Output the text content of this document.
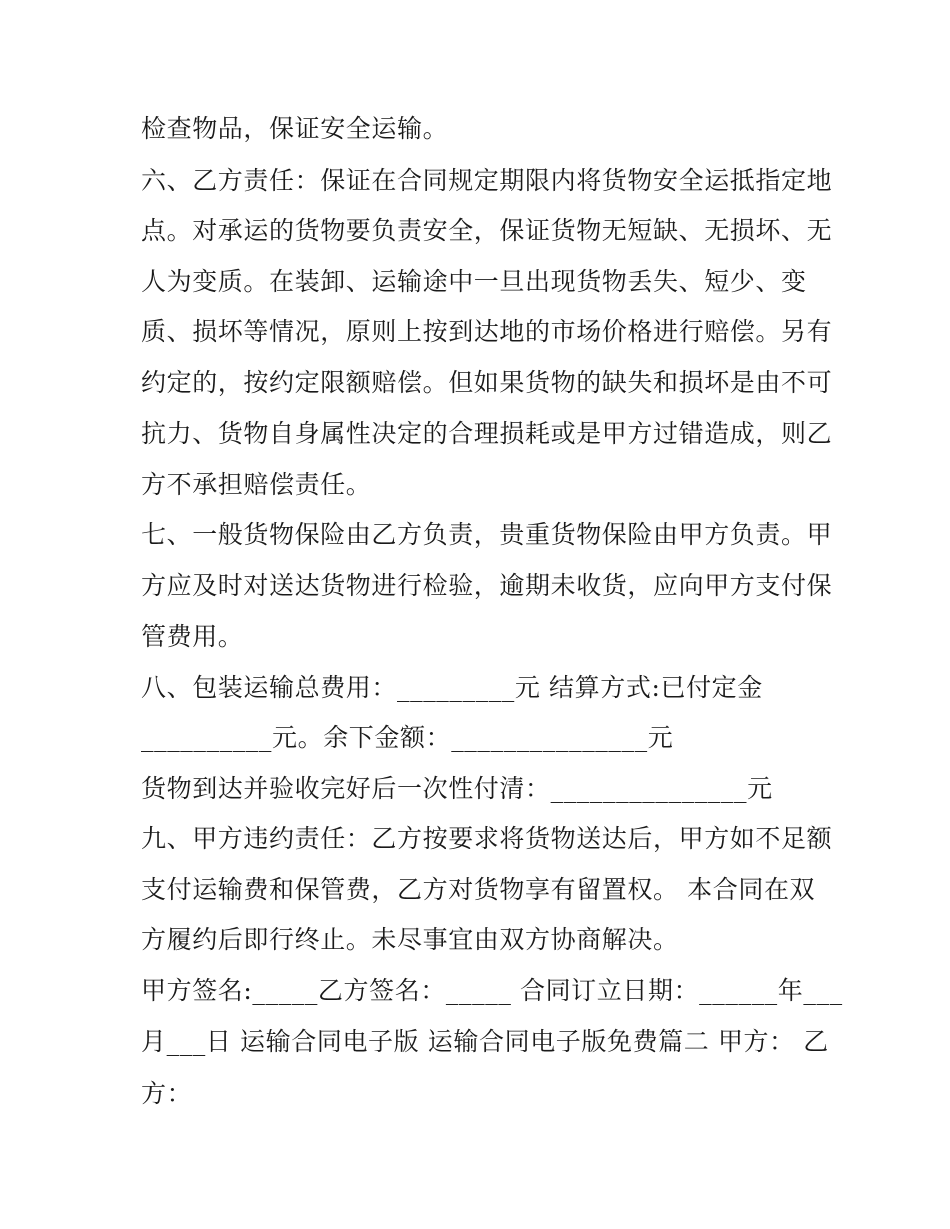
检查物品，保证安全运输。
六、乙方责任：保证在合同规定期限内将货物安全运抵指定地
点。对承运的货物要负责安全，保证货物无短缺、无损坏、无
人为变质。在装卸、运输途中一旦出现货物丢失、短少、变
质、损坏等情况，原则上按到达地的市场价格进行赔偿。另有
约定的，按约定限额赔偿。但如果货物的缺失和损坏是由不可
抗力、货物自身属性决定的合理损耗或是甲方过错造成，则乙
方不承担赔偿责任。
七、一般货物保险由乙方负责，贵重货物保险由甲方负责。甲
方应及时对送达货物进行检验，逾期未收货，应向甲方支付保
管费用。
八、包装运输总费用：_________元 结算方式:已付定金
__________元。余下金额：_______________元
货物到达并验收完好后一次性付清：_______________元
九、甲方违约责任：乙方按要求将货物送达后，甲方如不足额
支付运输费和保管费，乙方对货物享有留置权。 本合同在双
方履约后即行终止。未尽事宜由双方协商解决。
甲方签名:_____乙方签名：_____ 合同订立日期：______年___
月___日 运输合同电子版 运输合同电子版免费篇二 甲方： 乙
方：
